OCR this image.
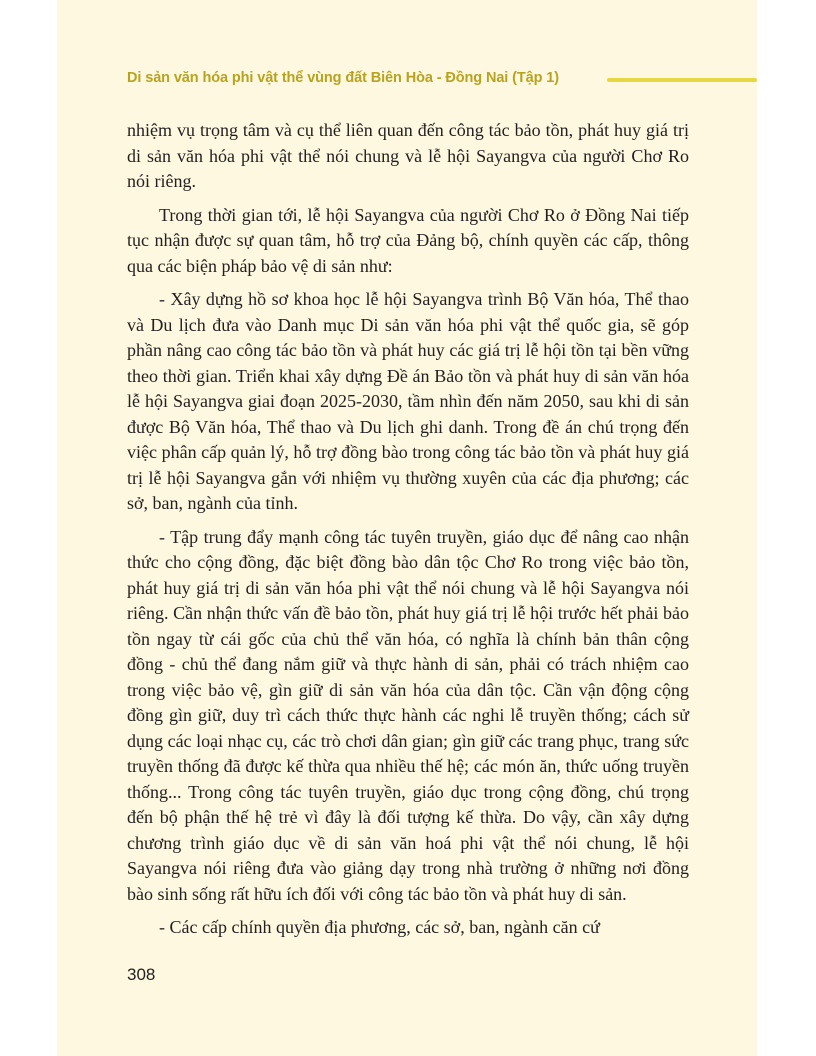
Di sản văn hóa phi vật thể vùng đất Biên Hòa - Đồng Nai (Tập 1)

nhiệm vụ trọng tâm và cụ thể liên quan đến công tác bảo tồn, phát huy giá trị di sản văn hóa phi vật thể nói chung và lễ hội Sayangva của người Chơ Ro nói riêng.

Trong thời gian tới, lễ hội Sayangva của người Chơ Ro ở Đồng Nai tiếp tục nhận được sự quan tâm, hỗ trợ của Đảng bộ, chính quyền các cấp, thông qua các biện pháp bảo vệ di sản như:

- Xây dựng hồ sơ khoa học lễ hội Sayangva trình Bộ Văn hóa, Thể thao và Du lịch đưa vào Danh mục Di sản văn hóa phi vật thể quốc gia, sẽ góp phần nâng cao công tác bảo tồn và phát huy các giá trị lễ hội tồn tại bền vững theo thời gian. Triển khai xây dựng Đề án Bảo tồn và phát huy di sản văn hóa lễ hội Sayangva giai đoạn 2025-2030, tầm nhìn đến năm 2050, sau khi di sản được Bộ Văn hóa, Thể thao và Du lịch ghi danh. Trong đề án chú trọng đến việc phân cấp quản lý, hỗ trợ đồng bào trong công tác bảo tồn và phát huy giá trị lễ hội Sayangva gắn với nhiệm vụ thường xuyên của các địa phương; các sở, ban, ngành của tỉnh.

- Tập trung đẩy mạnh công tác tuyên truyền, giáo dục để nâng cao nhận thức cho cộng đồng, đặc biệt đồng bào dân tộc Chơ Ro trong việc bảo tồn, phát huy giá trị di sản văn hóa phi vật thể nói chung và lễ hội Sayangva nói riêng. Cần nhận thức vấn đề bảo tồn, phát huy giá trị lễ hội trước hết phải bảo tồn ngay từ cái gốc của chủ thể văn hóa, có nghĩa là chính bản thân cộng đồng - chủ thể đang nắm giữ và thực hành di sản, phải có trách nhiệm cao trong việc bảo vệ, gìn giữ di sản văn hóa của dân tộc. Cần vận động cộng đồng gìn giữ, duy trì cách thức thực hành các nghi lễ truyền thống; cách sử dụng các loại nhạc cụ, các trò chơi dân gian; gìn giữ các trang phục, trang sức truyền thống đã được kế thừa qua nhiều thế hệ; các món ăn, thức uống truyền thống... Trong công tác tuyên truyền, giáo dục trong cộng đồng, chú trọng đến bộ phận thế hệ trẻ vì đây là đối tượng kế thừa. Do vậy, cần xây dựng chương trình giáo dục về di sản văn hoá phi vật thể nói chung, lễ hội Sayangva nói riêng đưa vào giảng dạy trong nhà trường ở những nơi đồng bào sinh sống rất hữu ích đối với công tác bảo tồn và phát huy di sản.

- Các cấp chính quyền địa phương, các sở, ban, ngành căn cứ

308
